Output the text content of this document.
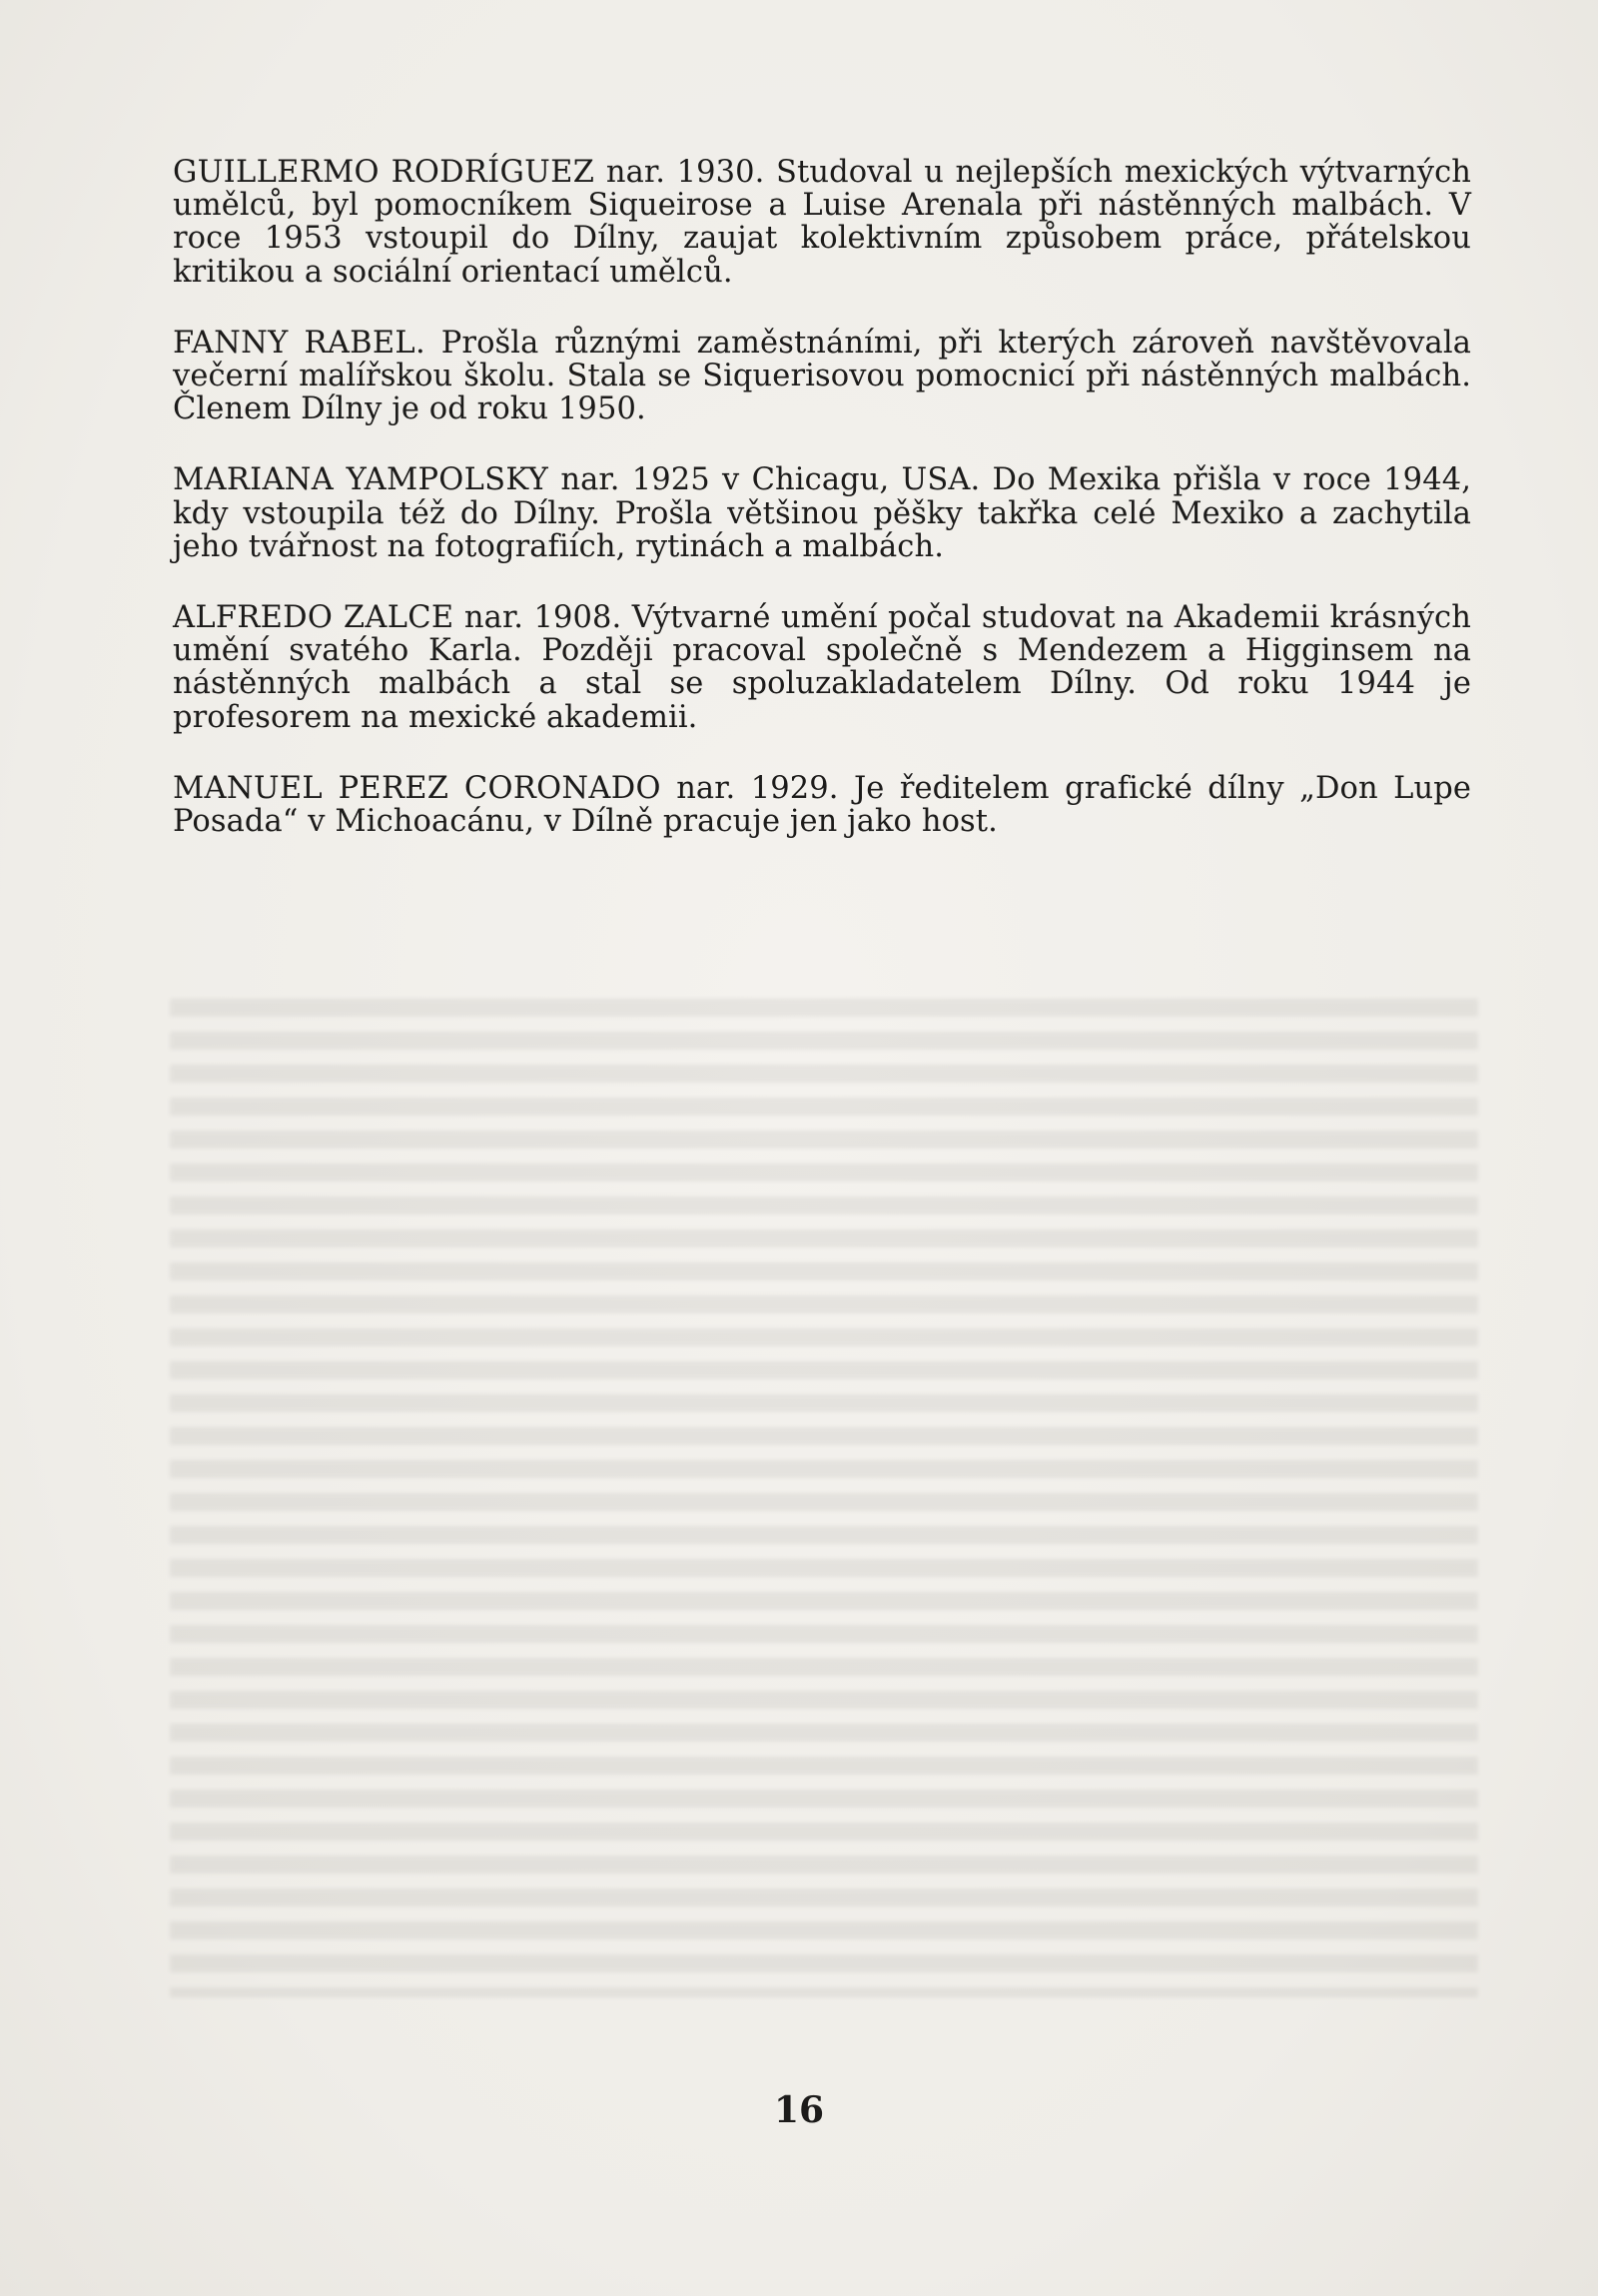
GUILLERMO RODRÍGUEZ nar. 1930. Studoval u nejlepších mexických výtvarných umělců, byl pomocníkem Siqueirose a Luise Arenala při nástěnných malbách. V roce 1953 vstoupil do Dílny, zaujat kolektivním způsobem práce, přátelskou kritikou a sociální orientací umělců.

FANNY RABEL. Prošla různými zaměstnáními, při kterých zároveň navštěvovala večerní malířskou školu. Stala se Siquerisovou pomocnicí při nástěnných malbách. Členem Dílny je od roku 1950.

MARIANA YAMPOLSKY nar. 1925 v Chicagu, USA. Do Mexika přišla v roce 1944, kdy vstoupila též do Dílny. Prošla většinou pěšky takřka celé Mexiko a zachytila jeho tvářnost na fotografiích, rytinách a malbách.

ALFREDO ZALCE nar. 1908. Výtvarné umění počal studovat na Akademii krásných umění svatého Karla. Později pracoval společně s Mendezem a Higginsem na nástěnných malbách a stal se spoluzakladatelem Dílny. Od roku 1944 je profesorem na mexické akademii.

MANUEL PEREZ CORONADO nar. 1929. Je ředitelem grafické dílny „Don Lupe Posada“ v Michoacánu, v Dílně pracuje jen jako host.

16
